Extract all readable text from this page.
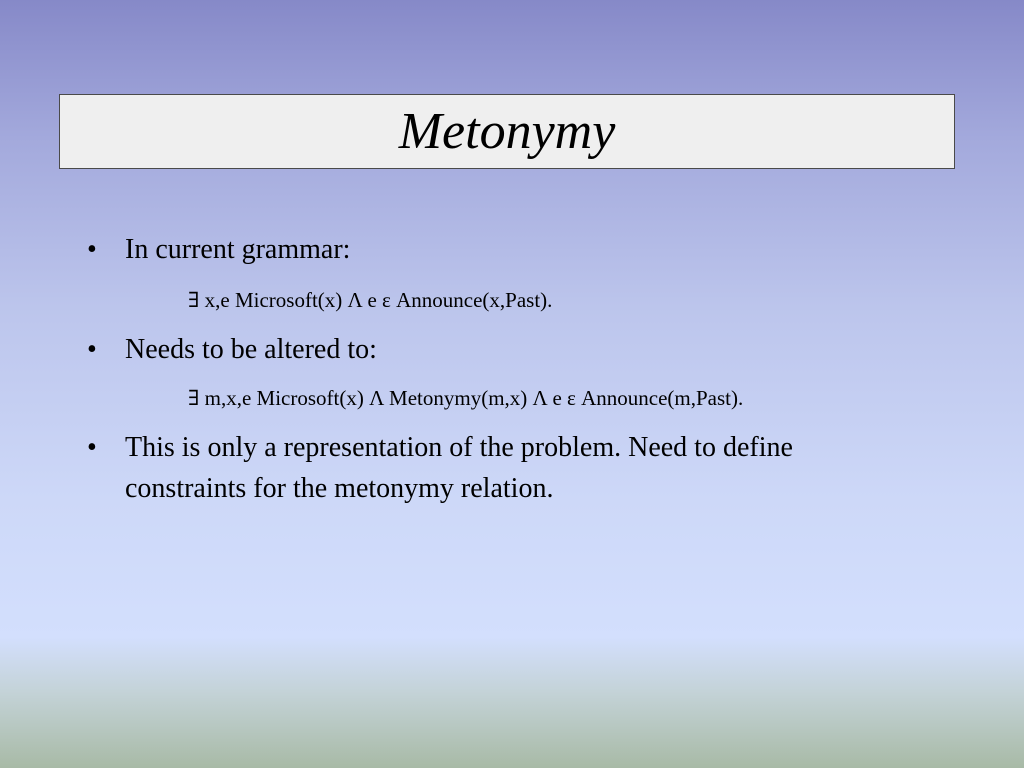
Metonymy
• In current grammar:
∃ x,e Microsoft(x) Λ e ε Announce(x,Past).
• Needs to be altered to:
∃ m,x,e Microsoft(x) Λ Metonymy(m,x) Λ e ε Announce(m,Past).
• This is only a representation of the problem. Need to define
constraints for the metonymy relation.
